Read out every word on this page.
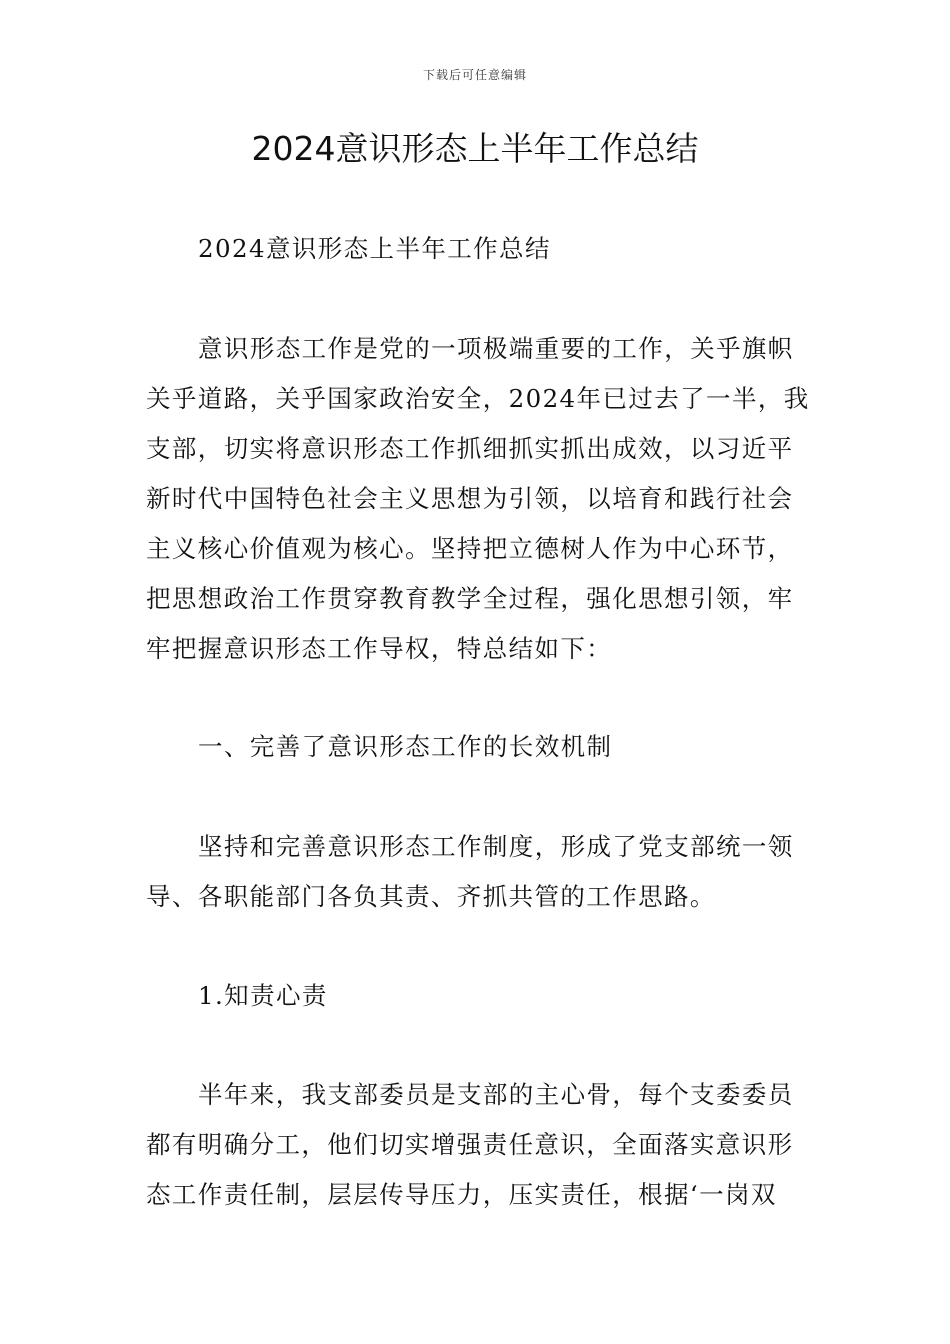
下载后可任意编辑
2024意识形态上半年工作总结
2024意识形态上半年工作总结
意识形态工作是党的一项极端重要的工作，关乎旗帜
关乎道路，关乎国家政治安全，2024年已过去了一半，我
支部，切实将意识形态工作抓细抓实抓出成效，以习近平
新时代中国特色社会主义思想为引领，以培育和践行社会
主义核心价值观为核心。坚持把立德树人作为中心环节，
把思想政治工作贯穿教育教学全过程，强化思想引领，牢
牢把握意识形态工作导权，特总结如下：
一、完善了意识形态工作的长效机制
坚持和完善意识形态工作制度，形成了党支部统一领
导、各职能部门各负其责、齐抓共管的工作思路。
1.知责心责
半年来，我支部委员是支部的主心骨，每个支委委员
都有明确分工，他们切实增强责任意识，全面落实意识形
态工作责任制，层层传导压力，压实责任，根据‘一岗双
